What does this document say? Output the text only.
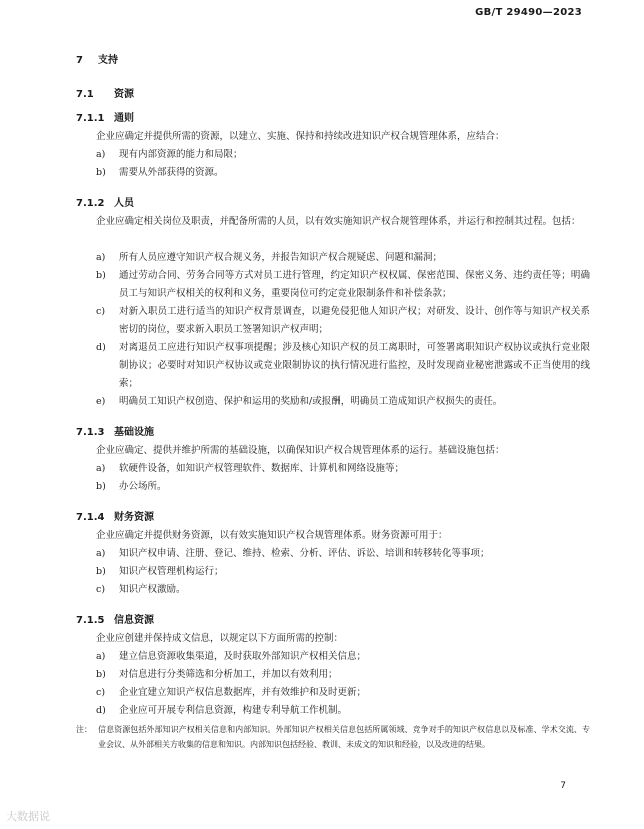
GB/T 29490—2023
7 支持
7.1 资源
7.1.1 通则
企业应确定并提供所需的资源，以建立、实施、保持和持续改进知识产权合规管理体系，应结合：
a) 现有内部资源的能力和局限；
b) 需要从外部获得的资源。
7.1.2 人员
企业应确定相关岗位及职责，并配备所需的人员，以有效实施知识产权合规管理体系，并运行和控制其过程。包括：
a) 所有人员应遵守知识产权合规义务，并报告知识产权合规疑虑、问题和漏洞；
b) 通过劳动合同、劳务合同等方式对员工进行管理，约定知识产权权属、保密范围、保密义务、违约责任等；明确员工与知识产权相关的权利和义务，重要岗位可约定竞业限制条件和补偿条款；
c) 对新入职员工进行适当的知识产权背景调查，以避免侵犯他人知识产权；对研发、设计、创作等与知识产权关系密切的岗位，要求新入职员工签署知识产权声明；
d) 对离退员工应进行知识产权事项提醒；涉及核心知识产权的员工离职时，可签署离职知识产权协议或执行竞业限制协议；必要时对知识产权协议或竞业限制协议的执行情况进行监控，及时发现商业秘密泄露或不正当使用的线索；
e) 明确员工知识产权创造、保护和运用的奖励和/或报酬，明确员工造成知识产权损失的责任。
7.1.3 基础设施
企业应确定、提供并维护所需的基础设施，以确保知识产权合规管理体系的运行。基础设施包括：
a) 软硬件设备，如知识产权管理软件、数据库、计算机和网络设施等；
b) 办公场所。
7.1.4 财务资源
企业应确定并提供财务资源，以有效实施知识产权合规管理体系。财务资源可用于：
a) 知识产权申请、注册、登记、维持、检索、分析、评估、诉讼、培训和转移转化等事项；
b) 知识产权管理机构运行；
c) 知识产权激励。
7.1.5 信息资源
企业应创建并保持成文信息，以规定以下方面所需的控制：
a) 建立信息资源收集渠道，及时获取外部知识产权相关信息；
b) 对信息进行分类筛选和分析加工，并加以有效利用；
c) 企业宜建立知识产权信息数据库，并有效维护和及时更新；
d) 企业应可开展专利信息资源，构建专利导航工作机制。
注： 信息资源包括外部知识产权相关信息和内部知识。外部知识产权相关信息包括所属领域、竞争对手的知识产权信息以及标准、学术交流、专业会议、从外部相关方收集的信息和知识。内部知识包括经验、教训、未成文的知识和经验，以及改进的结果。
7
大数据说
